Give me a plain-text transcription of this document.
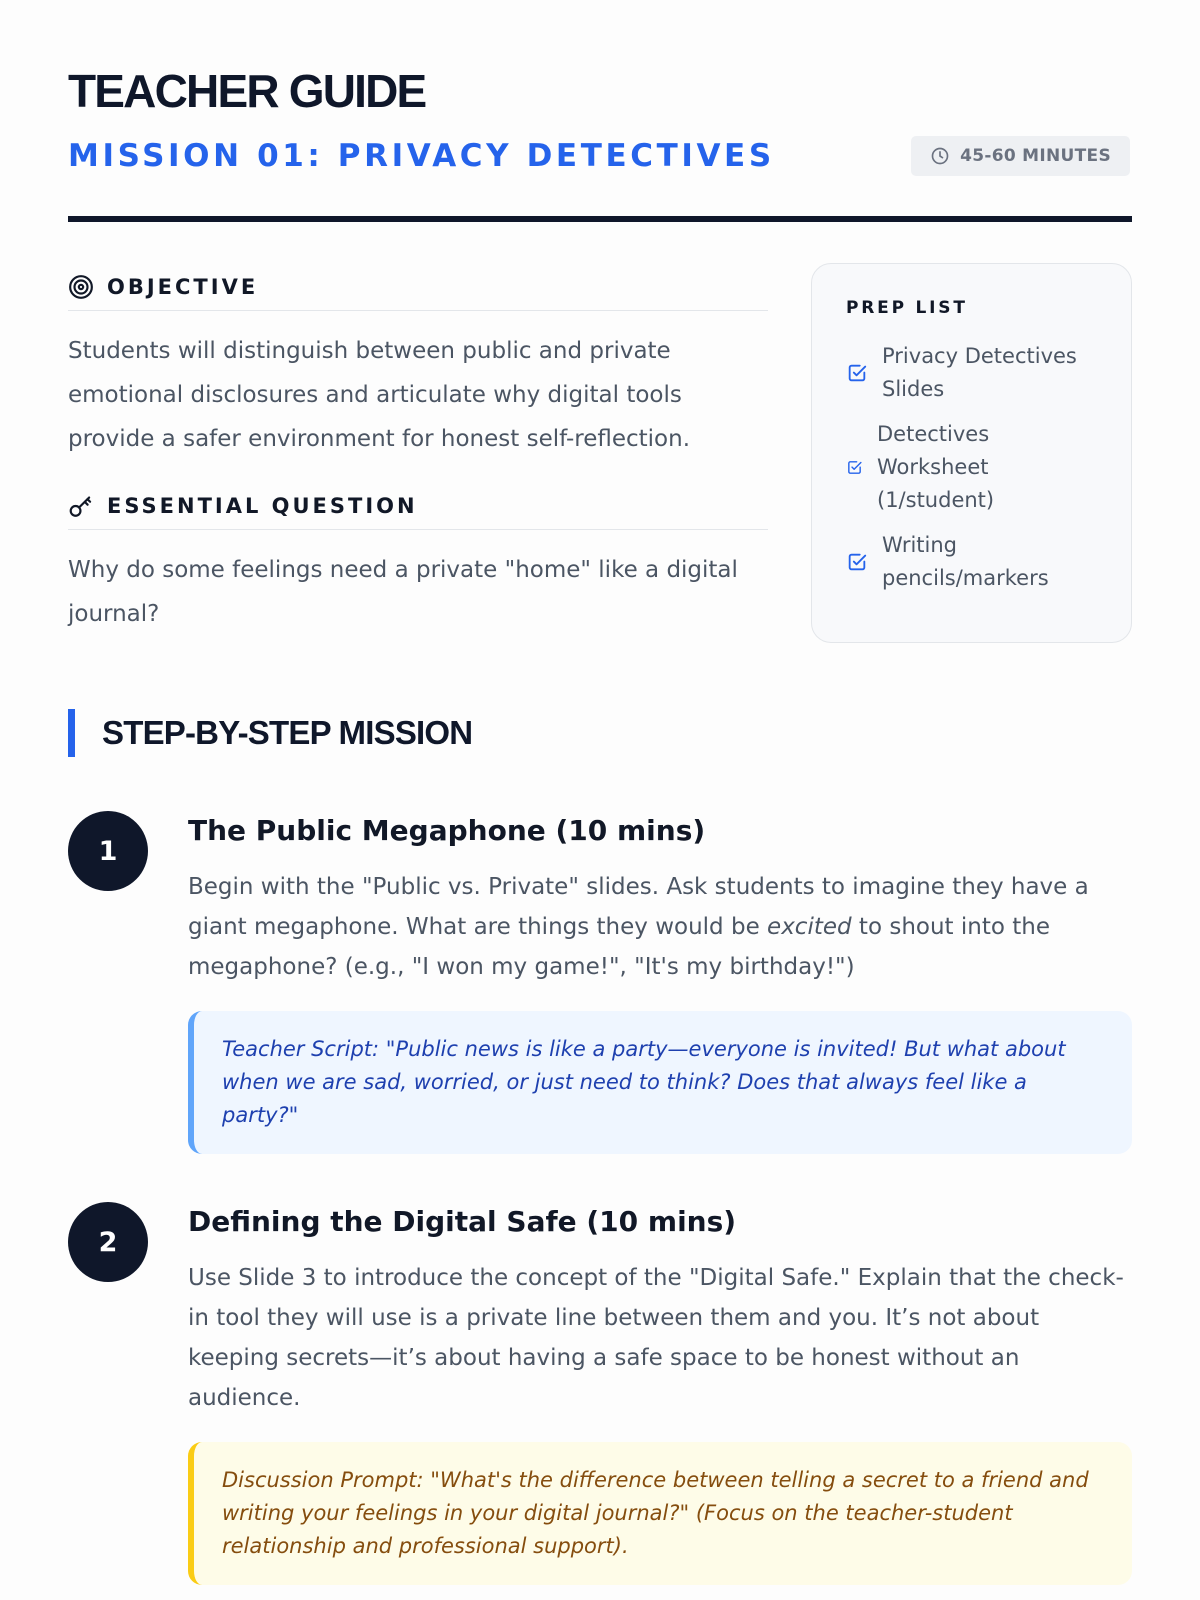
TEACHER GUIDE
MISSION 01: PRIVACY DETECTIVES	45-60 MINUTES
OBJECTIVE

Students will distinguish between public and private emotional disclosures and articulate why digital tools provide a safer environment for honest self-reflection.

ESSENTIAL QUESTION

Why do some feelings need a private "home" like a digital journal?

PREP LIST
Privacy Detectives Slides
Detectives Worksheet (1/student)
Writing pencils/markers
STEP-BY-STEP MISSION
1
The Public Megaphone (10 mins)

Begin with the "Public vs. Private" slides. Ask students to imagine they have a giant megaphone. What are things they would be excited to shout into the megaphone? (e.g., "I won my game!", "It's my birthday!")

Teacher Script: "Public news is like a party—everyone is invited! But what about when we are sad, worried, or just need to think? Does that always feel like a party?"
2
Defining the Digital Safe (10 mins)

Use Slide 3 to introduce the concept of the "Digital Safe." Explain that the check-in tool they will use is a private line between them and you. It’s not about keeping secrets—it’s about having a safe space to be honest without an audience.

Discussion Prompt: "What's the difference between telling a secret to a friend and writing your feelings in your digital journal?" (Focus on the teacher-student relationship and professional support).
